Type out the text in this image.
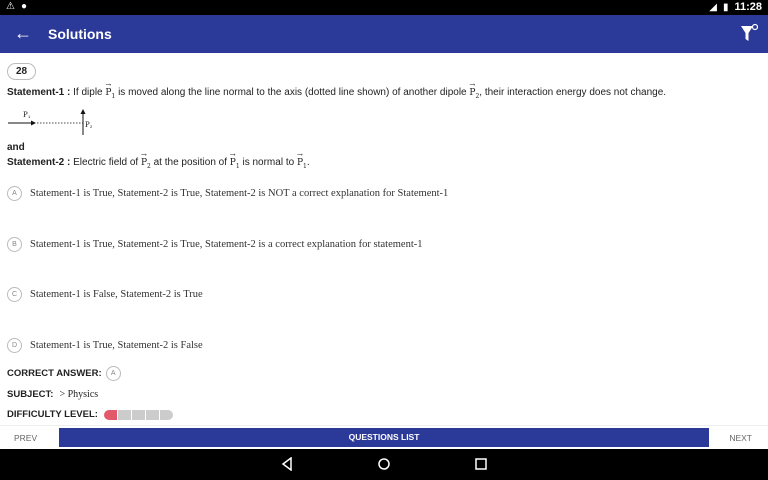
⚠ ●	◢ ▮ 11:28
← Solutions
28
Statement-1 : If diple → $P_1$ is moved along the line normal to the axis (dotted line shown) of another dipole → $P_2$, their interaction energy does not change.
P 1
P 2
and
Statement-2 : Electric field of → $P_2$ at the position of → $P_1$ is normal to → $P_1$.
A	Statement-1 is True, Statement-2 is True, Statement-2 is NOT a correct explanation for Statement-1
B	Statement-1 is True, Statement-2 is True, Statement-2 is a correct explanation for statement-1
C	Statement-1 is False, Statement-2 is True
D	Statement-1 is True, Statement-2 is False
CORRECT ANSWER:	A
SUBJECT: > Physics
DIFFICULTY LEVEL:
PREV	QUESTIONS LIST	NEXT
